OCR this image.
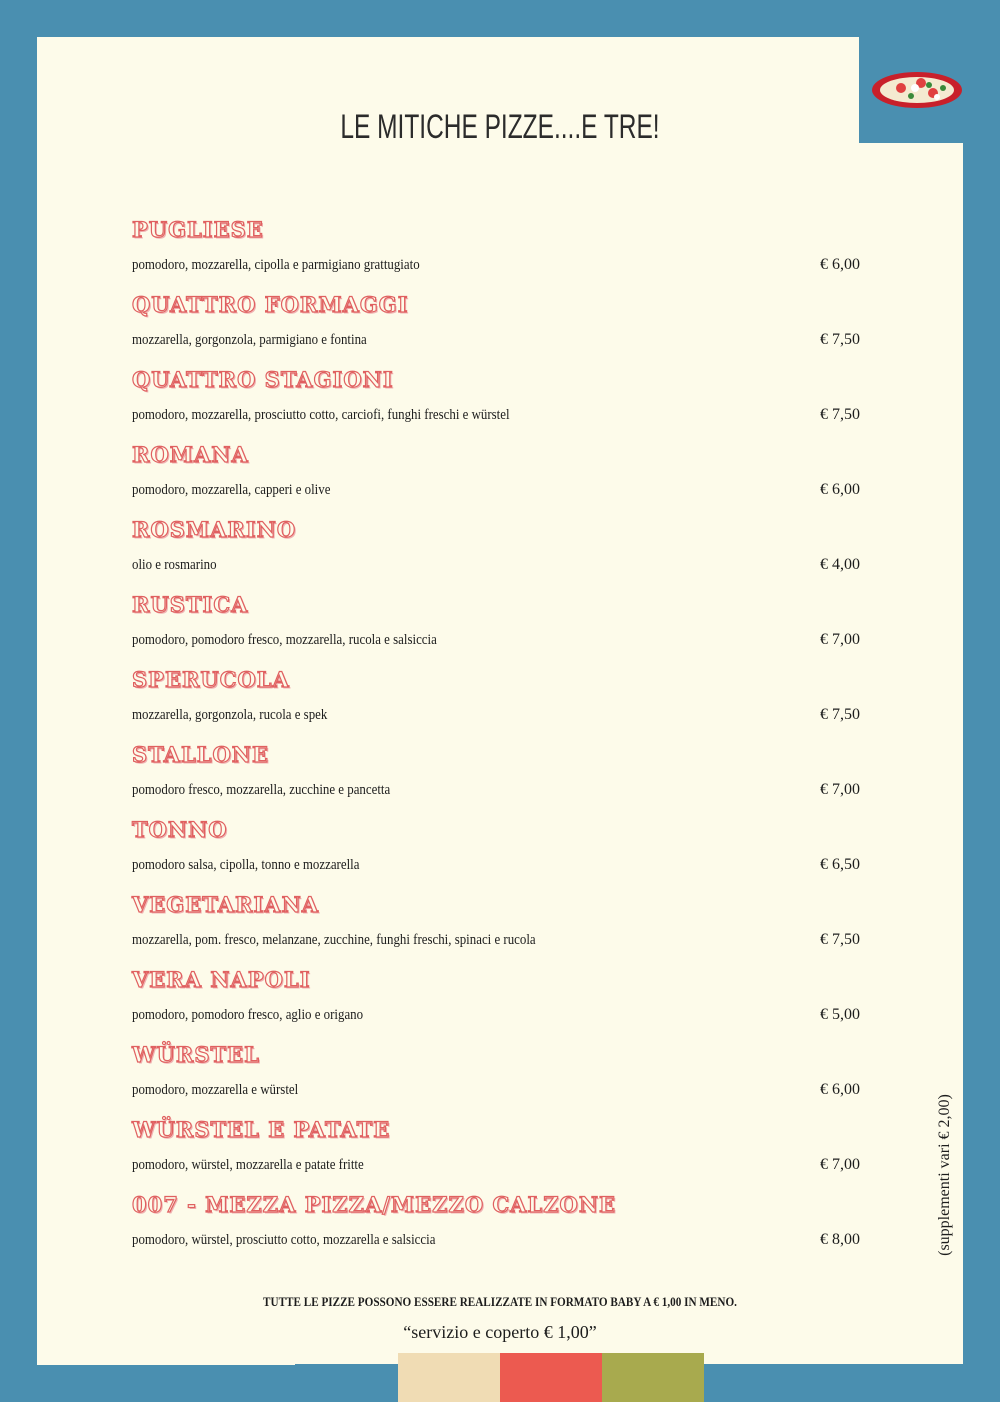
LE MITICHE PIZZE....E TRE!
PUGLIESE
pomodoro, mozzarella, cipolla e parmigiano grattugiato	€ 6,00
QUATTRO FORMAGGI
mozzarella, gorgonzola, parmigiano e fontina	€ 7,50
QUATTRO STAGIONI
pomodoro, mozzarella, prosciutto cotto, carciofi, funghi freschi e würstel	€ 7,50
ROMANA
pomodoro, mozzarella, capperi e olive	€ 6,00
ROSMARINO
olio e rosmarino	€ 4,00
RUSTICA
pomodoro, pomodoro fresco, mozzarella, rucola e salsiccia	€ 7,00
SPERUCOLA
mozzarella, gorgonzola, rucola e spek	€ 7,50
STALLONE
pomodoro fresco, mozzarella, zucchine e pancetta	€ 7,00
TONNO
pomodoro salsa, cipolla, tonno e mozzarella	€ 6,50
VEGETARIANA
mozzarella, pom. fresco, melanzane, zucchine, funghi freschi, spinaci e rucola	€ 7,50
VERA NAPOLI
pomodoro, pomodoro fresco, aglio e origano	€ 5,00
WÜRSTEL
pomodoro, mozzarella e würstel	€ 6,00
WÜRSTEL E PATATE
pomodoro, würstel, mozzarella e patate fritte	€ 7,00
007 - MEZZA PIZZA/MEZZO CALZONE
pomodoro, würstel, prosciutto cotto, mozzarella e salsiccia	€ 8,00
TUTTE LE PIZZE POSSONO ESSERE REALIZZATE IN FORMATO BABY A € 1,00 IN MENO.
“servizio e coperto € 1,00”
(supplementi vari € 2,00)
